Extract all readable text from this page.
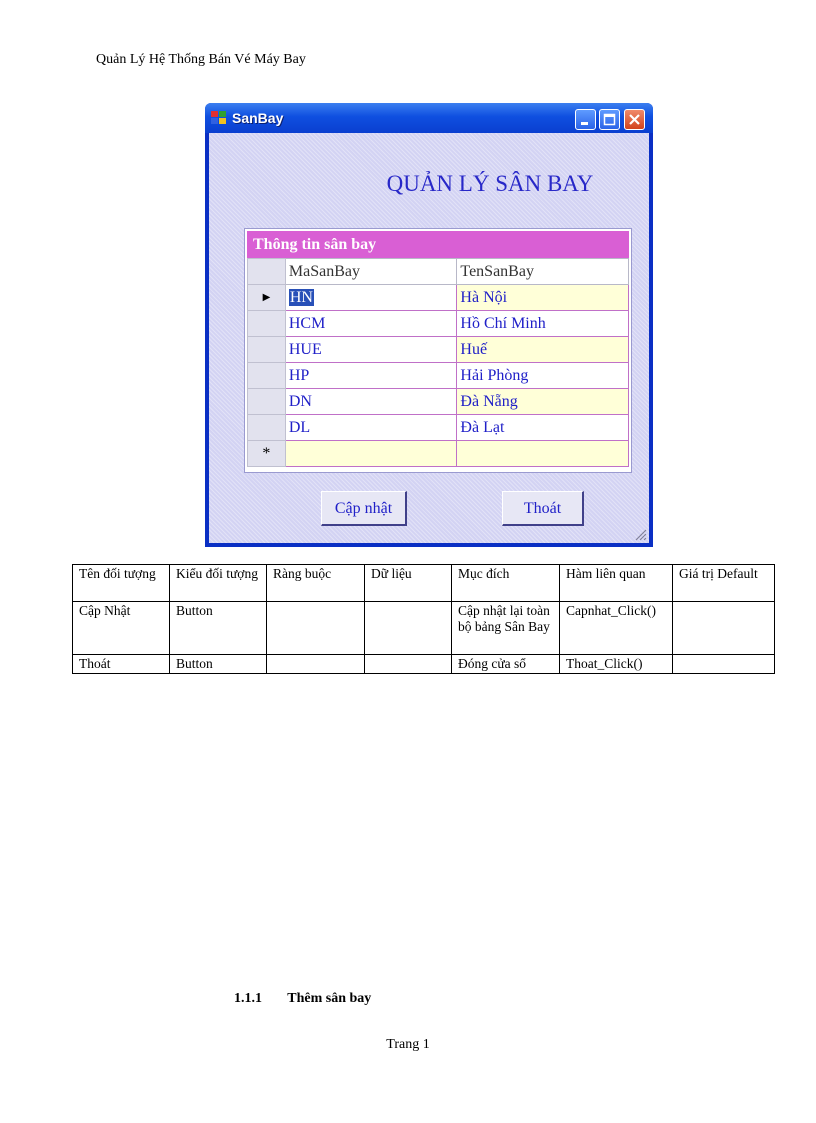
Quản Lý Hệ Thống Bán Vé Máy Bay
SanBay
QUẢN LÝ SÂN BAY
Thông tin sân bay
	MaSanBay	TenSanBay
▶	HN	Hà Nội
	HCM	Hồ Chí Minh
	HUE	Huế
	HP	Hải Phòng
	DN	Đà Nẵng
	DL	Đà Lạt
*		
Cập nhật	Thoát
Tên đối tượng	Kiểu đối tượng	Ràng buộc	Dữ liệu	Mục đích	Hàm liên quan	Giá trị Default
Cập Nhật	Button			Cập nhật lại toàn bộ bảng Sân Bay	Capnhat_Click()	
Thoát	Button			Đóng cửa sổ	Thoat_Click()	
1.1.1 Thêm sân bay
Trang 1
